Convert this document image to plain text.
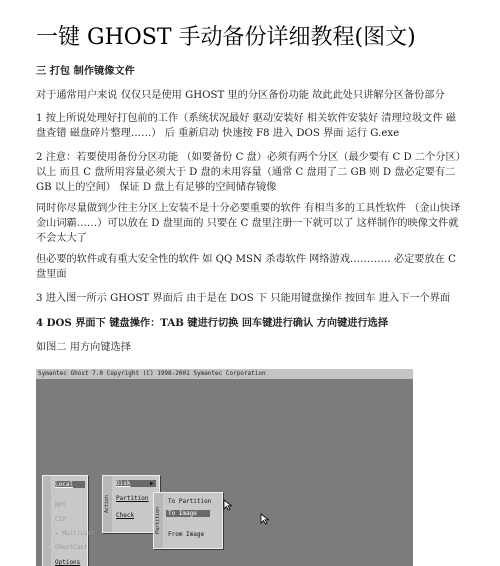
一键 GHOST 手动备份详细教程(图文)
三 打包 制作镜像文件
对于通常用户来说 仅仅只是使用 GHOST 里的分区备份功能 故此此处只讲解分区备份部分
1 按上所说处理好打包前的工作（系统状况最好 驱动安装好 相关软件安装好 清理垃圾文件 磁盘查错 磁盘碎片整理……） 后 重新启动 快速按 F8 进入 DOS 界面 运行 G.exe
2 注意：若要使用备份分区功能 （如要备份 C 盘）必须有两个分区（最少要有 C D 二个分区）以上 而且 C 盘所用容量必须大于 D 盘的未用容量（通常 C 盘用了二 GB 则 D 盘必定要有二 GB 以上的空间） 保证 D 盘上有足够的空间储存镜像
同时你尽量做到少往主分区上安装不是十分必要重要的软件 有相当多的工具性软件 （金山快译 金山词霸……）可以放在 D 盘里面的 只要在 C 盘里注册一下就可以了 这样制作的映像文件就不会太大了
但必要的软件或有重大安全性的软件 如 QQ MSN 杀毒软件 网络游戏………… 必定要放在 C 盘里面
3 进入图一所示 GHOST 界面后 由于是在 DOS 下 只能用键盘操作 按回车 进入下一个界面
4 DOS 界面下 键盘操作：TAB 键进行切换 回车键进行确认 方向键进行选择
如图二 用方向键选择
Symantec Ghost 7.0 Copyright (C) 1998-2001 Symantec Corporation
Local
NPT
CIP
▸ Multicast
GhostCast
Options
Action
Disk	▶
Partition
Check	Partition
To Partition
To Image
From Image
